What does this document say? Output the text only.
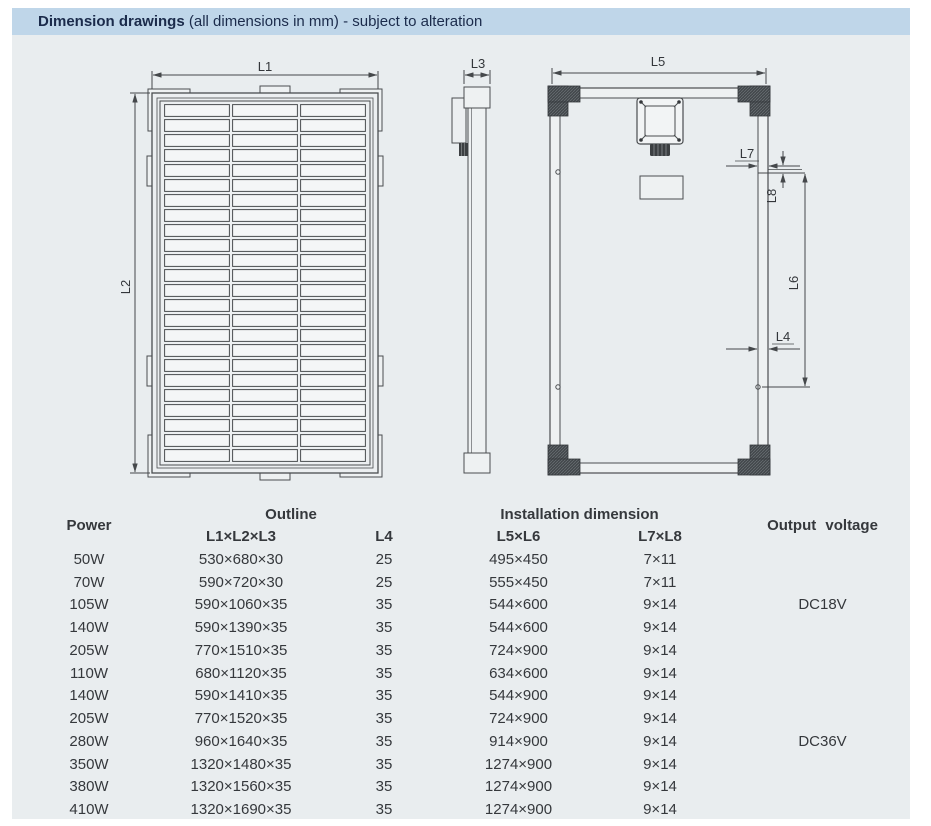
Dimension drawings (all dimensions in mm) - subject to alteration
L1
L2
L3	L5
L7
L8
L6
L4
Power
Outline	Installation dimension
Output voltage
L1×L2×L3	L4	L5×L6	L7×L8
50W	530×680×30	25	495×450	7×11
70W	590×720×30	25	555×450	7×11
105W	590×1060×35	35	544×600	9×14	DC18V
140W	590×1390×35	35	544×600	9×14
205W	770×1510×35	35	724×900	9×14
110W	680×1120×35	35	634×600	9×14
140W	590×1410×35	35	544×900	9×14
205W	770×1520×35	35	724×900	9×14
280W	960×1640×35	35	914×900	9×14	DC36V
350W	1320×1480×35	35	1274×900	9×14
380W	1320×1560×35	35	1274×900	9×14
410W	1320×1690×35	35	1274×900	9×14
